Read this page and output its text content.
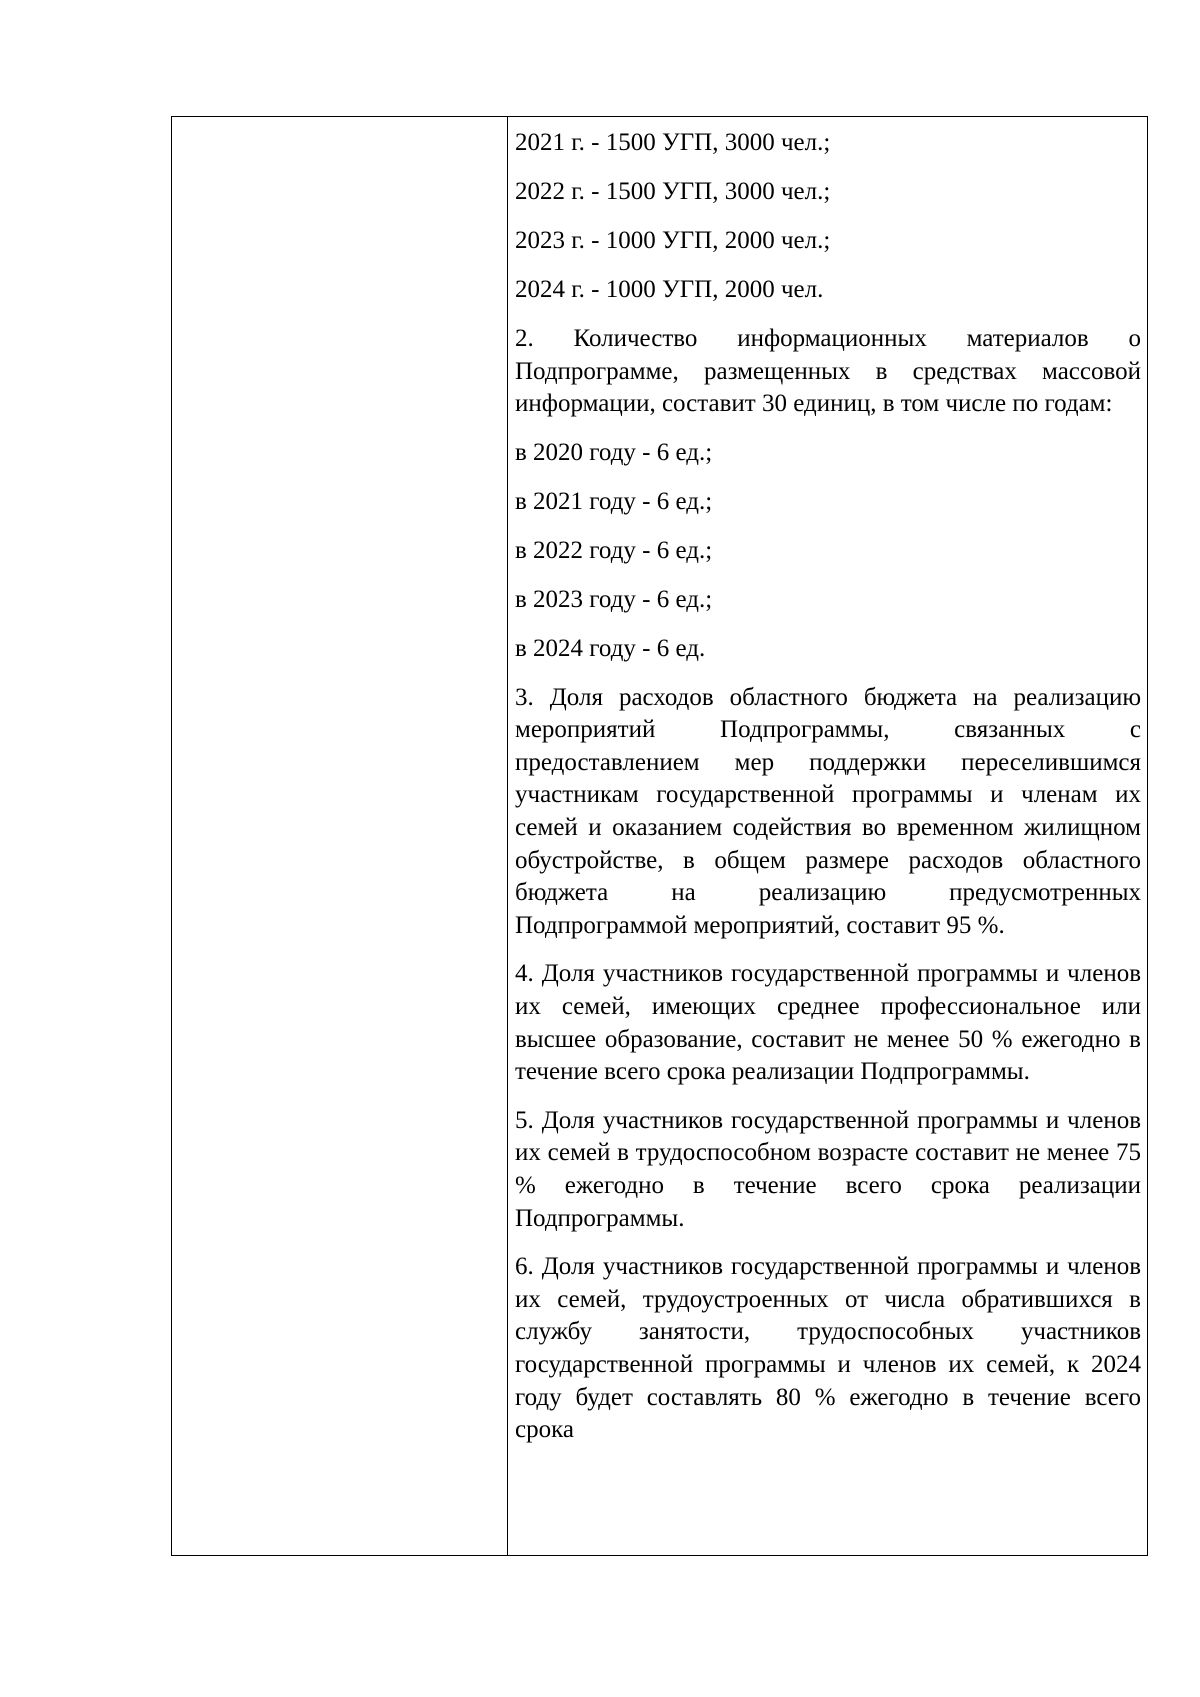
2021 г. - 1500 УГП, 3000 чел.;

2022 г. - 1500 УГП, 3000 чел.;

2023 г. - 1000 УГП, 2000 чел.;

2024 г. - 1000 УГП, 2000 чел.

2. Количество информационных материалов о Подпрограмме, размещенных в средствах массовой информации, составит 30 единиц, в том числе по годам:

в 2020 году - 6 ед.;

в 2021 году - 6 ед.;

в 2022 году - 6 ед.;

в 2023 году - 6 ед.;

в 2024 году - 6 ед.

3. Доля расходов областного бюджета на реализацию мероприятий Подпрограммы, связанных с предоставлением мер поддержки переселившимся участникам государственной программы и членам их семей и оказанием содействия во временном жилищном обустройстве, в общем размере расходов областного бюджета на реализацию предусмотренных Подпрограммой мероприятий, составит 95 %.

4. Доля участников государственной программы и членов их семей, имеющих среднее профессиональное или высшее образование, составит не менее 50 % ежегодно в течение всего срока реализации Подпрограммы.

5. Доля участников государственной программы и членов их семей в трудоспособном возрасте составит не менее 75 % ежегодно в течение всего срока реализации Подпрограммы.

6. Доля участников государственной программы и членов их семей, трудоустроенных от числа обратившихся в службу занятости, трудоспособных участников государственной программы и членов их семей, к 2024 году будет составлять 80 % ежегодно в течение всего срока
